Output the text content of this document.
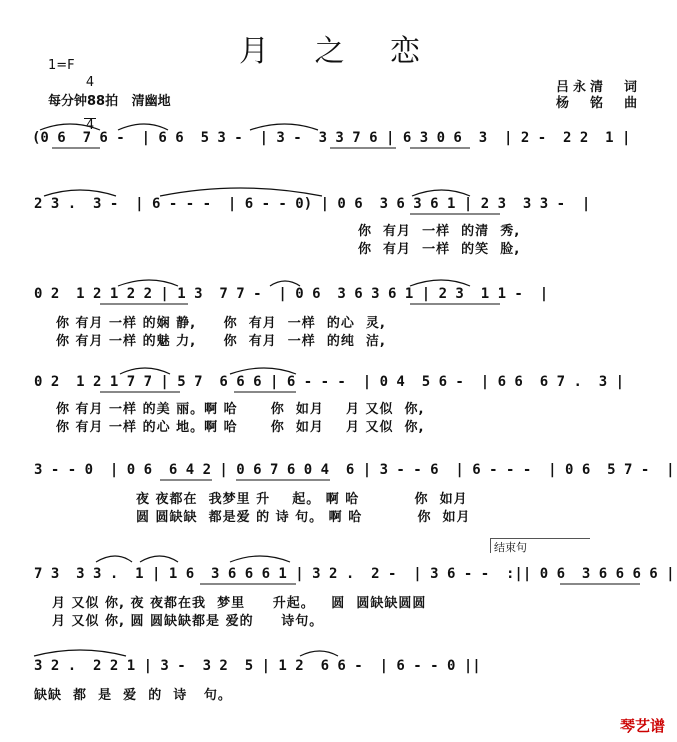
月 之 恋
1=F

4

4

每分钟88拍   清幽地
吕永清  词
杨  铭  曲
(0 6  7 6 -  | 6 6  5 3 -  | 3 -  3 3 7 6 | 6 3 0 6  3  | 2 -  2 2  1 |
2 3 .  3 -  | 6 - - -  | 6 - - 0) | 0 6  3 6 3 6 1 | 2 3  3 3 -  |
你  有月  一样  的清  秀,
你  有月  一样  的笑  脸,
0 2  1 2 1 2 2 | 1 3  7 7 -  | 0 6  3 6 3 6 1 | 2 3  1 1 -  |
你 有月 一样 的娴 静,     你  有月  一样  的心  灵,
你 有月 一样 的魅 力,     你  有月  一样  的纯  洁,
0 2  1 2 1 7 7 | 5 7  6 6 6 | 6 - - -  | 0 4  5 6 -  | 6 6  6 7 .  3 |
你 有月 一样 的美 丽。啊 哈      你  如月    月 又似  你,
你 有月 一样 的心 地。啊 哈      你  如月    月 又似  你,
3 - - 0  | 0 6  6 4 2 | 0 6 7 6 0 4  6 | 3 - - 6  | 6 - - -  | 0 6  5 7 -  |
夜 夜都在  我梦里 升    起。 啊 哈          你  如月
圆 圆缺缺  都是爱 的 诗 句。 啊 哈          你  如月
结束句
7 3  3 3 .  1 | 1 6  3 6 6 6 1 | 3 2 .  2 -  | 3 6 - -  :|| 0 6  3 6 6 6 6 |
月 又似 你, 夜 夜都在我  梦里     升起。   圆  圆缺缺圆圆
月 又似 你, 圆 圆缺缺都是 爱的     诗句。
3 2 .  2 2 1 | 3 -  3 2  5 | 1 2  6 6 -  | 6 - - 0 ||
缺缺  都  是  爱  的  诗   句。
琴艺谱
